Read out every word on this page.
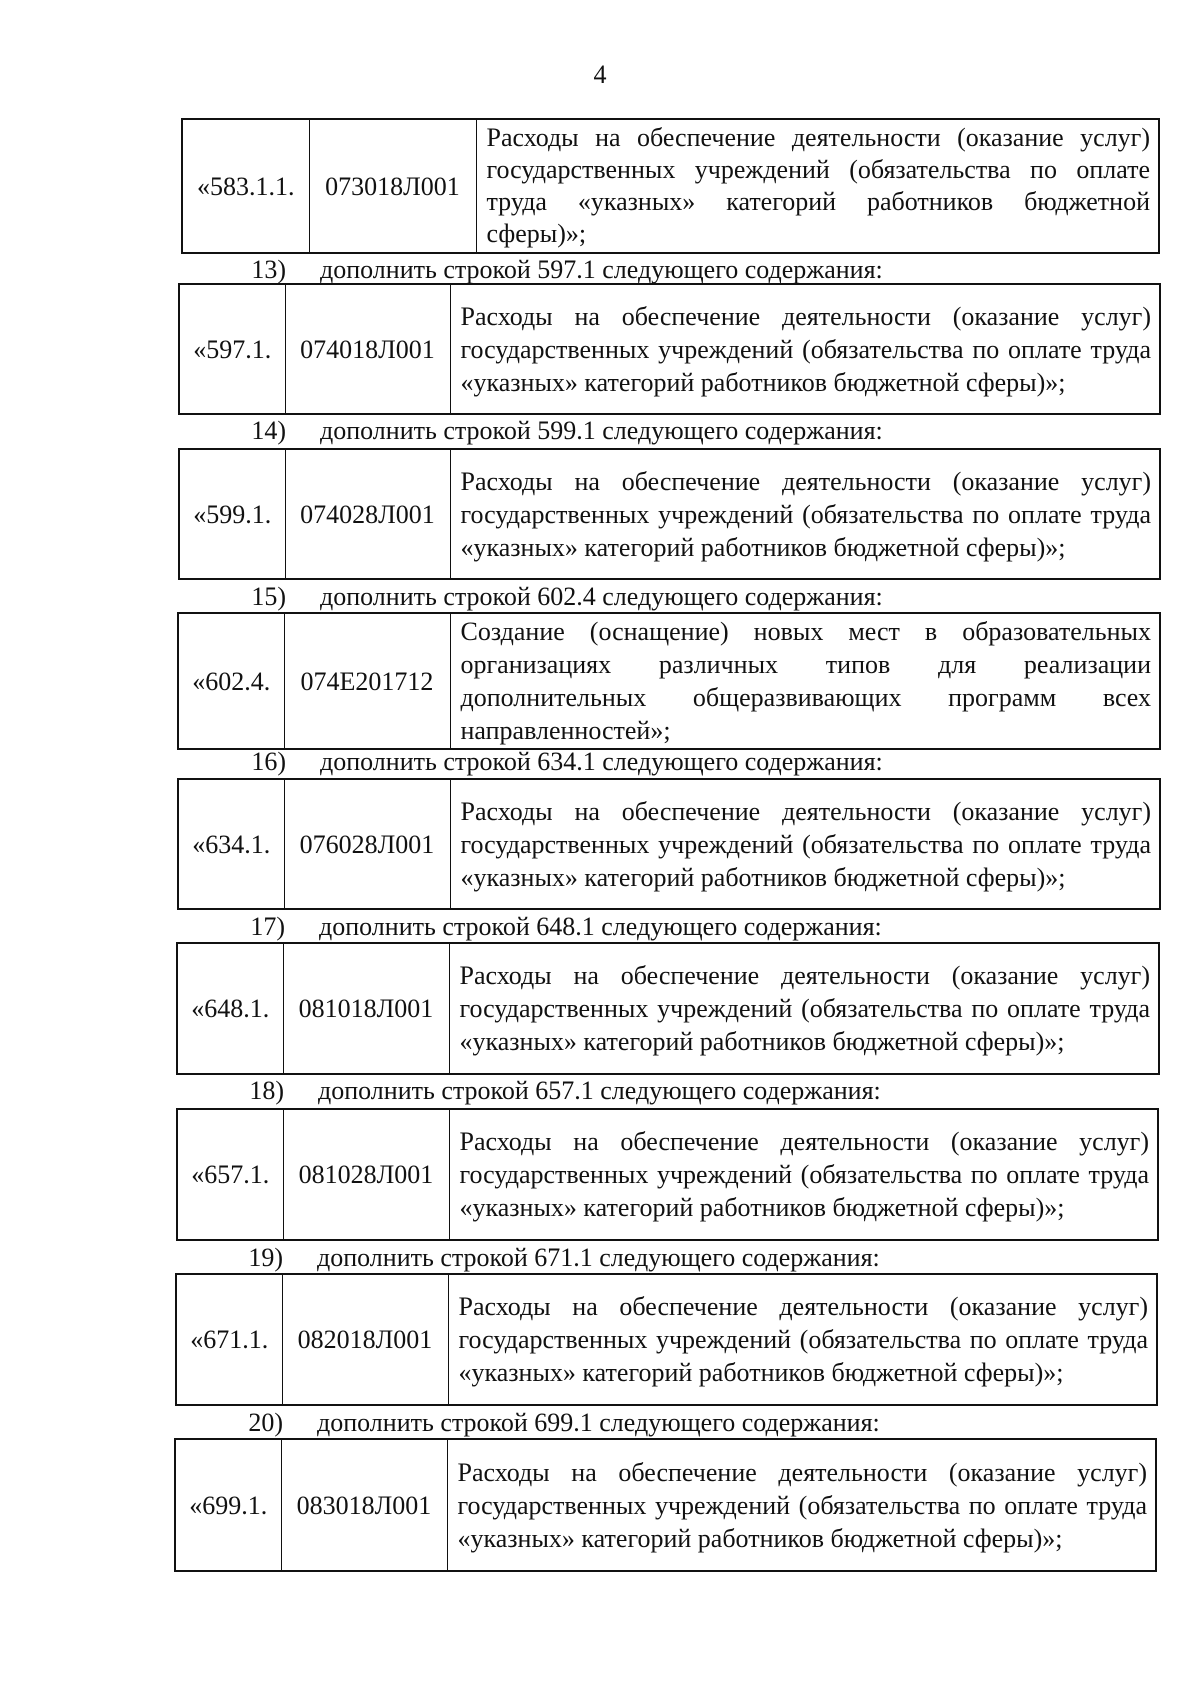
4
«583.1.1.	073018Л001	Расходы на обеспечение деятельности (оказание услуг) государственных учреждений (обязательства по оплате труда «указных» категорий работников бюджетной сферы)»;
13) дополнить строкой 597.1 следующего содержания:
«597.1.	074018Л001	Расходы на обеспечение деятельности (оказание услуг) государственных учреждений (обязательства по оплате труда «указных» категорий работников бюджетной сферы)»;
14) дополнить строкой 599.1 следующего содержания:
«599.1.	074028Л001	Расходы на обеспечение деятельности (оказание услуг) государственных учреждений (обязательства по оплате труда «указных» категорий работников бюджетной сферы)»;
15) дополнить строкой 602.4 следующего содержания:
«602.4.	074E201712	Создание (оснащение) новых мест в образовательных организациях различных типов для реализации дополнительных общеразвивающих программ всех направленностей»;
16) дополнить строкой 634.1 следующего содержания:
«634.1.	076028Л001	Расходы на обеспечение деятельности (оказание услуг) государственных учреждений (обязательства по оплате труда «указных» категорий работников бюджетной сферы)»;
17) дополнить строкой 648.1 следующего содержания:
«648.1.	081018Л001	Расходы на обеспечение деятельности (оказание услуг) государственных учреждений (обязательства по оплате труда «указных» категорий работников бюджетной сферы)»;
18) дополнить строкой 657.1 следующего содержания:
«657.1.	081028Л001	Расходы на обеспечение деятельности (оказание услуг) государственных учреждений (обязательства по оплате труда «указных» категорий работников бюджетной сферы)»;
19) дополнить строкой 671.1 следующего содержания:
«671.1.	082018Л001	Расходы на обеспечение деятельности (оказание услуг) государственных учреждений (обязательства по оплате труда «указных» категорий работников бюджетной сферы)»;
20) дополнить строкой 699.1 следующего содержания:
«699.1.	083018Л001	Расходы на обеспечение деятельности (оказание услуг) государственных учреждений (обязательства по оплате труда «указных» категорий работников бюджетной сферы)»;
